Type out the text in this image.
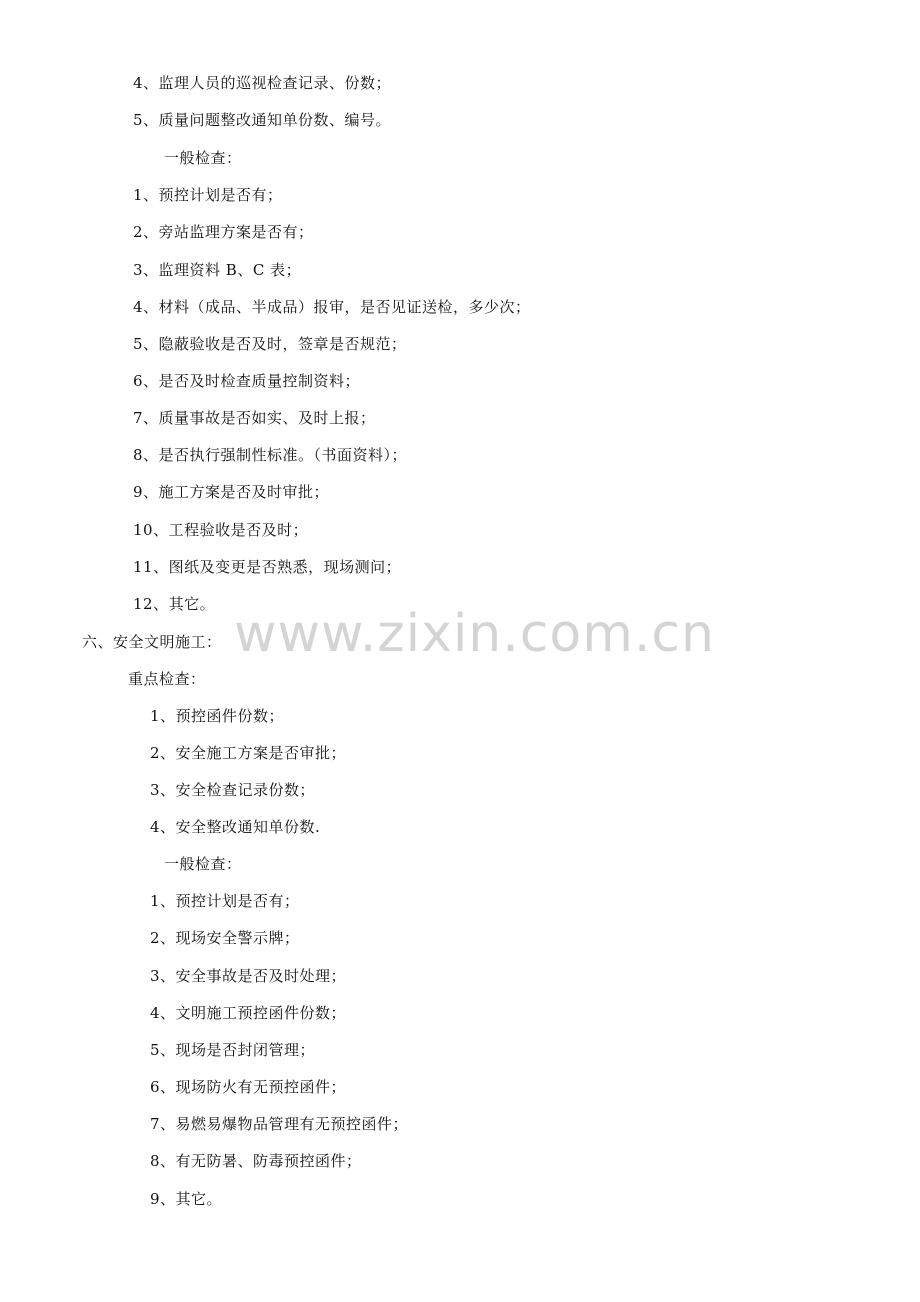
4、监理人员的巡视检查记录、份数；
5、质量问题整改通知单份数、编号。
一般检查：
1、预控计划是否有；
2、旁站监理方案是否有；
3、监理资料 B、C 表；
4、材料（成品、半成品）报审，是否见证送检，多少次；
5、隐蔽验收是否及时，签章是否规范；
6、是否及时检查质量控制资料；
7、质量事故是否如实、及时上报；
8、是否执行强制性标准。（书面资料）；
9、施工方案是否及时审批；
10、工程验收是否及时；
11、图纸及变更是否熟悉，现场测问；
12、其它。
六、安全文明施工：
重点检查：
1、预控函件份数；
2、安全施工方案是否审批；
3、安全检查记录份数；
4、安全整改通知单份数.
一般检查：
1、预控计划是否有；
2、现场安全警示牌；
3、安全事故是否及时处理；
4、文明施工预控函件份数；
5、现场是否封闭管理；
6、现场防火有无预控函件；
7、易燃易爆物品管理有无预控函件；
8、有无防暑、防毒预控函件；
9、其它。
www.zixin.com.cn
